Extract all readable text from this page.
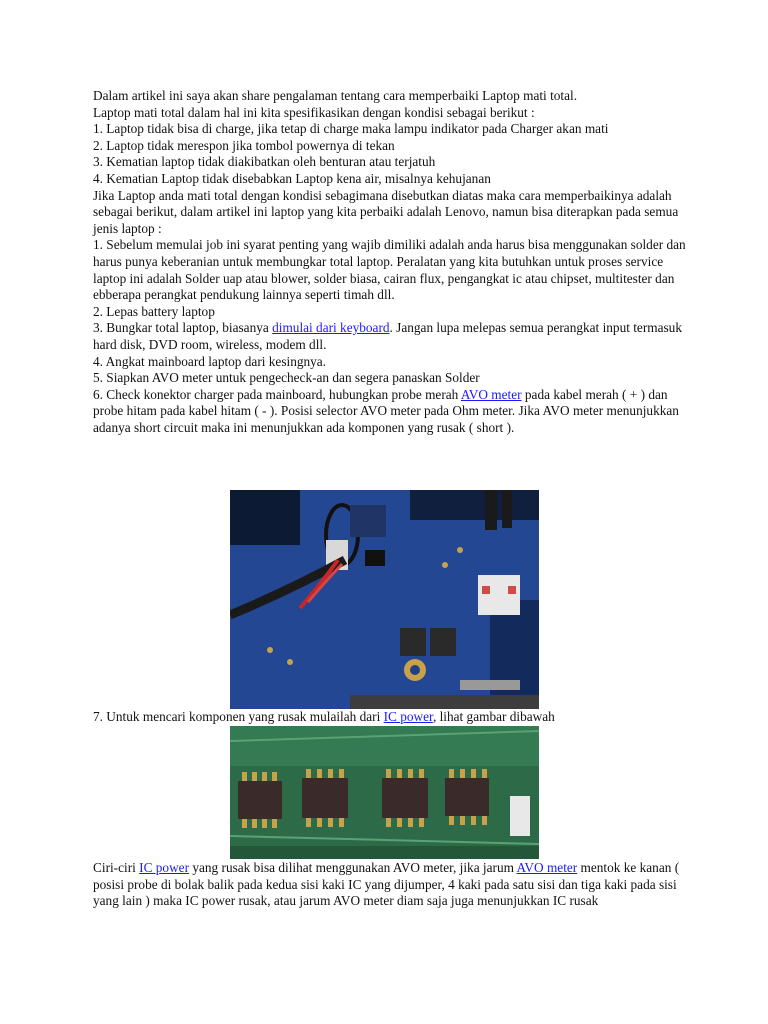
Dalam artikel ini saya akan share pengalaman tentang cara memperbaiki Laptop mati total.

Laptop mati total dalam hal ini kita spesifikasikan dengan kondisi sebagai berikut :

1. Laptop tidak bisa di charge, jika tetap di charge maka lampu indikator pada Charger akan mati

2. Laptop tidak merespon jika tombol powernya di tekan

3. Kematian laptop tidak diakibatkan oleh benturan atau terjatuh

4. Kematian Laptop tidak disebabkan Laptop kena air, misalnya kehujanan

Jika Laptop anda mati total dengan kondisi sebagimana disebutkan diatas maka cara memperbaikinya adalah sebagai berikut, dalam artikel ini laptop yang kita perbaiki adalah Lenovo, namun bisa diterapkan pada semua jenis laptop :

1. Sebelum memulai job ini syarat penting yang wajib dimiliki adalah anda harus bisa menggunakan solder dan harus punya keberanian untuk membungkar total laptop. Peralatan yang kita butuhkan untuk proses service laptop ini adalah Solder uap atau blower, solder biasa, cairan flux, pengangkat ic atau chipset, multitester dan ebberapa perangkat pendukung lainnya seperti timah dll.

2. Lepas battery laptop

3. Bungkar total laptop, biasanya dimulai dari keyboard. Jangan lupa melepas semua perangkat input termasuk hard disk, DVD room, wireless, modem dll.

4. Angkat mainboard laptop dari kesingnya.

5. Siapkan AVO meter untuk pengecheck-an dan segera panaskan Solder

6. Check konektor charger pada mainboard, hubungkan probe merah AVO meter pada kabel merah ( + ) dan probe hitam pada kabel hitam ( - ). Posisi selector AVO meter pada Ohm meter. Jika AVO meter menunjukkan adanya short circuit maka ini menunjukkan ada komponen yang rusak ( short ).

7. Untuk mencari komponen yang rusak mulailah dari IC power, lihat gambar dibawah

Ciri-ciri IC power yang rusak bisa dilihat menggunakan AVO meter, jika jarum AVO meter mentok ke kanan ( posisi probe di bolak balik pada kedua sisi kaki IC yang dijumper, 4 kaki pada satu sisi dan tiga kaki pada sisi yang lain ) maka IC power rusak, atau jarum AVO meter diam saja juga menunjukkan IC rusak
